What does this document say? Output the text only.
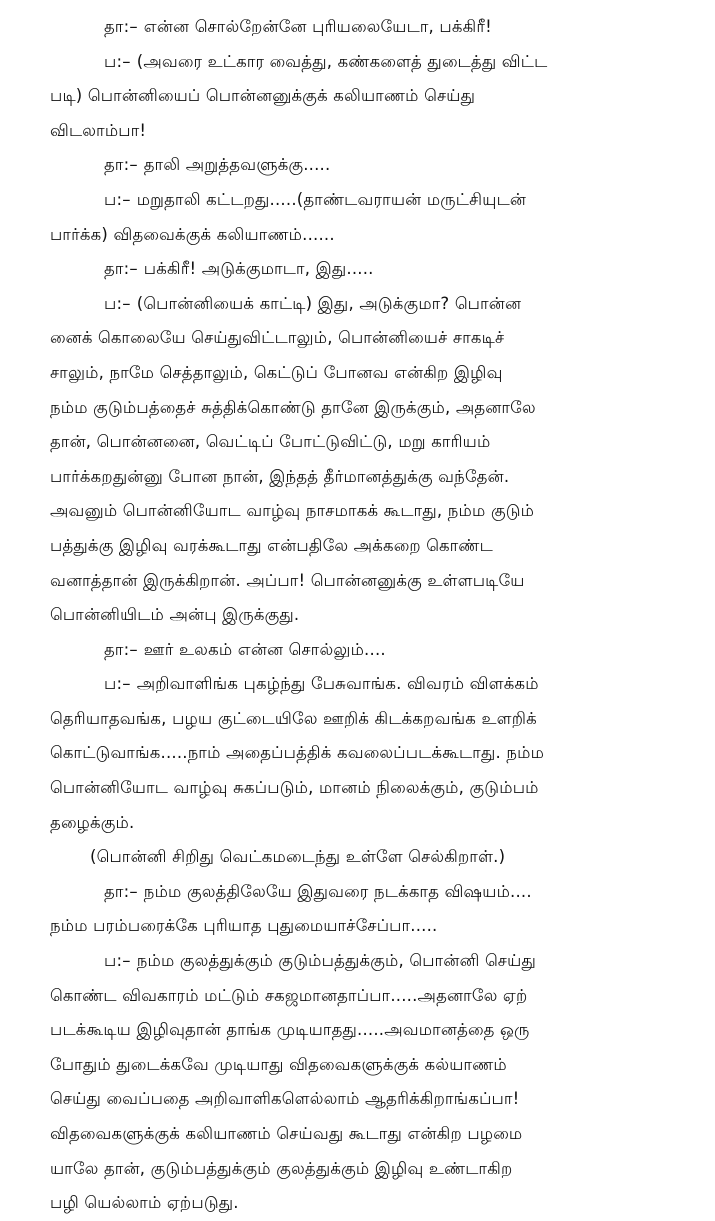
தா:– என்ன சொல்றேன்னே புரியலையேடா, பக்கிரீ!
ப:– (அவரை உட்கார வைத்து, கண்களைத் துடைத்து விட்ட
படி) பொன்னியைப் பொன்னனுக்குக் கலியாணம் செய்து
விடலாம்பா!
தா:– தாலி அறுத்தவளுக்கு.....
ப:– மறுதாலி கட்டறது.....(தாண்டவராயன் மருட்சியுடன்
பார்க்க) விதவைக்குக் கலியாணம்......
தா:– பக்கிரீ! அடுக்குமாடா, இது.....
ப:– (பொன்னியைக் காட்டி) இது, அடுக்குமா? பொன்ன
னைக் கொலையே செய்துவிட்டாலும், பொன்னியைச் சாகடிச்
சாலும், நாமே செத்தாலும், கெட்டுப் போனவ என்கிற இழிவு
நம்ம குடும்பத்தைச் சுத்திக்கொண்டு தானே இருக்கும், அதனாலே
தான், பொன்னனை, வெட்டிப் போட்டுவிட்டு, மறு காரியம்
பார்க்கறதுன்னு போன நான், இந்தத் தீர்மானத்துக்கு வந்தேன்.
அவனும் பொன்னியோட வாழ்வு நாசமாகக் கூடாது, நம்ம குடும்
பத்துக்கு இழிவு வரக்கூடாது என்பதிலே அக்கறை கொண்ட
வனாத்தான் இருக்கிறான். அப்பா! பொன்னனுக்கு உள்ளபடியே
பொன்னியிடம் அன்பு இருக்குது.
தா:– ஊர் உலகம் என்ன சொல்லும்....
ப:– அறிவாளிங்க புகழ்ந்து பேசுவாங்க. விவரம் விளக்கம்
தெரியாதவங்க, பழய குட்டையிலே ஊறிக் கிடக்கறவங்க உளறிக்
கொட்டுவாங்க.....நாம் அதைப்பத்திக் கவலைப்படக்கூடாது. நம்ம
பொன்னியோட வாழ்வு சுகப்படும், மானம் நிலைக்கும், குடும்பம்
தழைக்கும்.
(பொன்னி சிறிது வெட்கமடைந்து உள்ளே செல்கிறாள்.)
தா:– நம்ம குலத்திலேயே இதுவரை நடக்காத விஷயம்....
நம்ம பரம்பரைக்கே புரியாத புதுமையாச்சேப்பா.....
ப:– நம்ம குலத்துக்கும் குடும்பத்துக்கும், பொன்னி செய்து
கொண்ட விவகாரம் மட்டும் சகஜமானதாப்பா.....அதனாலே ஏற்
படக்கூடிய இழிவுதான் தாங்க முடியாதது.....அவமானத்தை ஒரு
போதும் துடைக்கவே முடியாது விதவைகளுக்குக் கல்யாணம்
செய்து வைப்பதை அறிவாளிகளெல்லாம் ஆதரிக்கிறாங்கப்பா!
விதவைகளுக்குக் கலியாணம் செய்வது கூடாது என்கிற பழமை
யாலே தான், குடும்பத்துக்கும் குலத்துக்கும் இழிவு உண்டாகிற
பழி யெல்லாம் ஏற்படுது.
